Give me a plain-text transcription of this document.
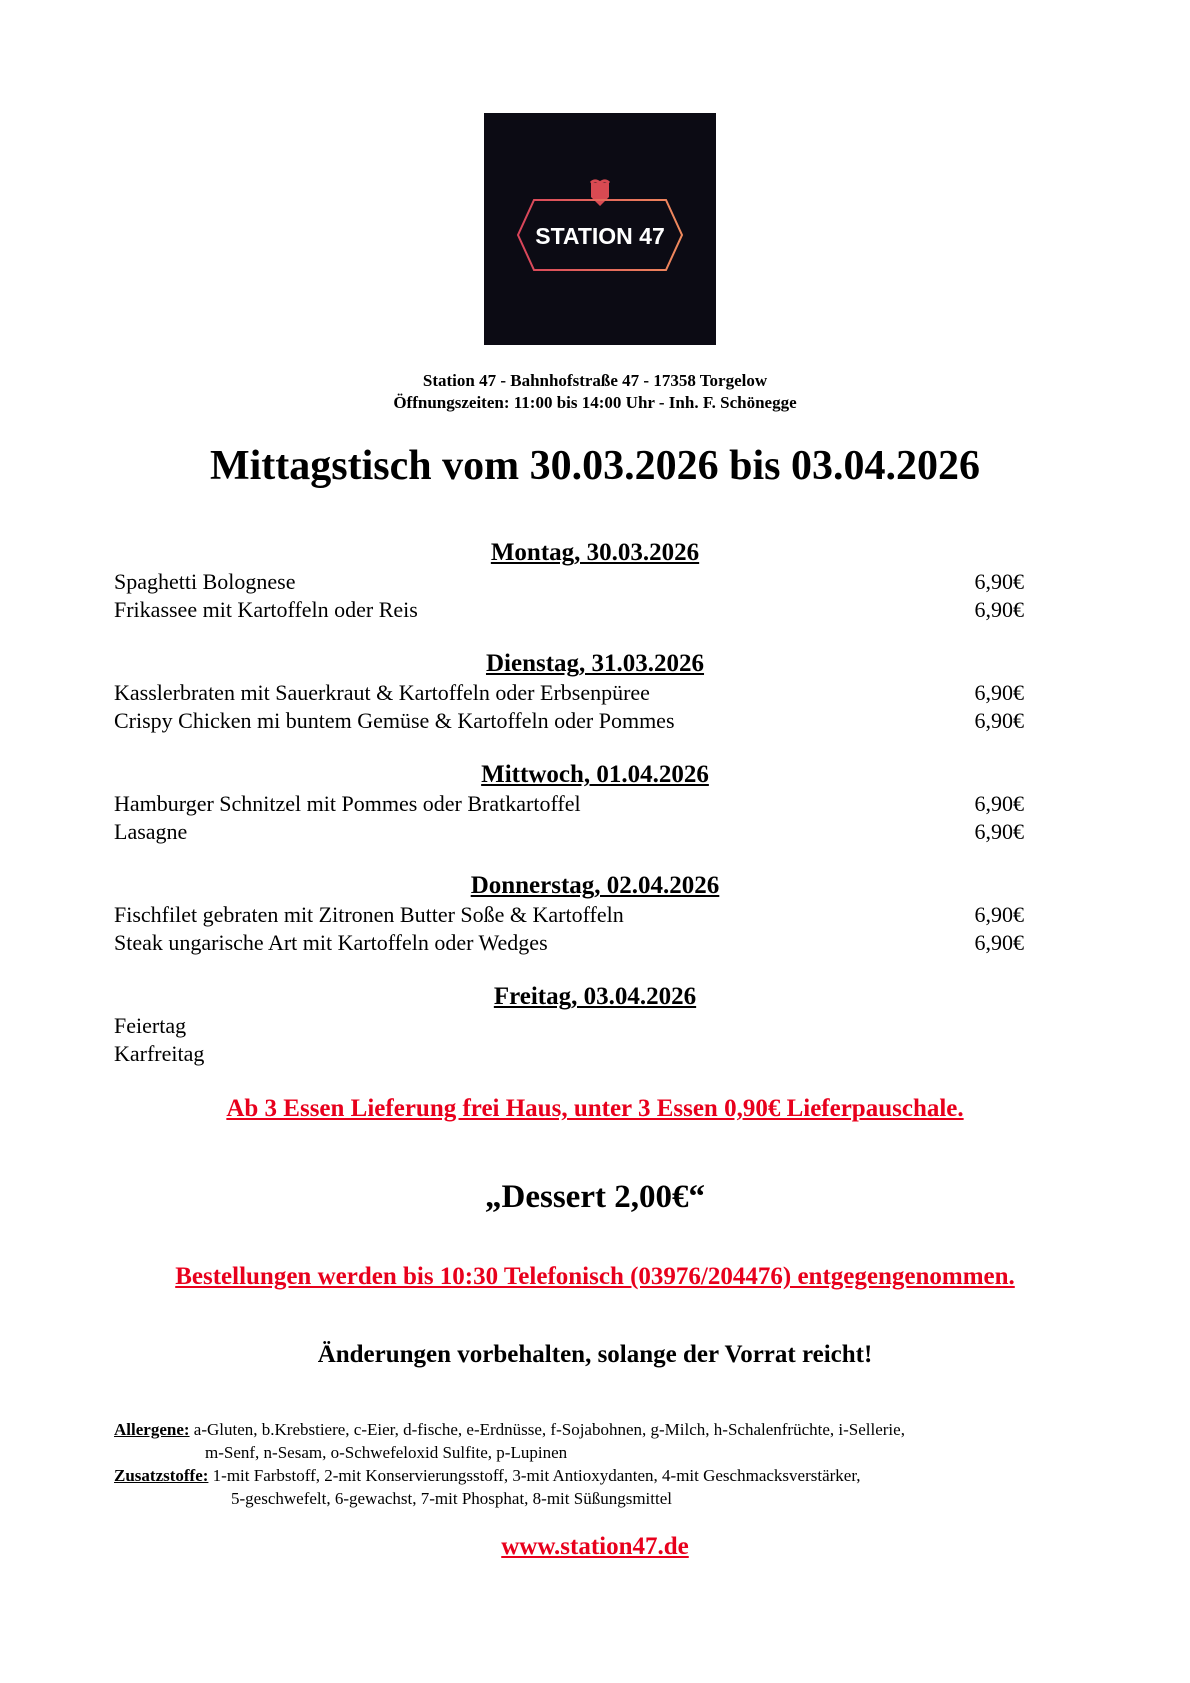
STATION 47
Station 47 - Bahnhofstraße 47 - 17358 Torgelow
Öffnungszeiten: 11:00 bis 14:00 Uhr - Inh. F. Schönegge
Mittagstisch vom 30.03.2026 bis 03.04.2026
Montag, 30.03.2026
Spaghetti Bolognese	6,90€
Frikassee mit Kartoffeln oder Reis	6,90€
Dienstag, 31.03.2026
Kasslerbraten mit Sauerkraut & Kartoffeln oder Erbsenpüree	6,90€
Crispy Chicken mi buntem Gemüse & Kartoffeln oder Pommes	6,90€
Mittwoch, 01.04.2026
Hamburger Schnitzel mit Pommes oder Bratkartoffel	6,90€
Lasagne	6,90€
Donnerstag, 02.04.2026
Fischfilet gebraten mit Zitronen Butter Soße & Kartoffeln	6,90€
Steak ungarische Art mit Kartoffeln oder Wedges	6,90€
Freitag, 03.04.2026
Feiertag
Karfreitag
Ab 3 Essen Lieferung frei Haus, unter 3 Essen 0,90€ Lieferpauschale.
„Dessert 2,00€“
Bestellungen werden bis 10:30 Telefonisch (03976/204476) entgegengenommen.
Änderungen vorbehalten, solange der Vorrat reicht!
Allergene: a-Gluten, b.Krebstiere, c-Eier, d-fische, e-Erdnüsse, f-Sojabohnen, g-Milch, h-Schalenfrüchte, i-Sellerie,
m-Senf, n-Sesam, o-Schwefeloxid Sulfite, p-Lupinen
Zusatzstoffe: 1-mit Farbstoff, 2-mit Konservierungsstoff, 3-mit Antioxydanten, 4-mit Geschmacksverstärker,
5-geschwefelt, 6-gewachst, 7-mit Phosphat, 8-mit Süßungsmittel
www.station47.de
